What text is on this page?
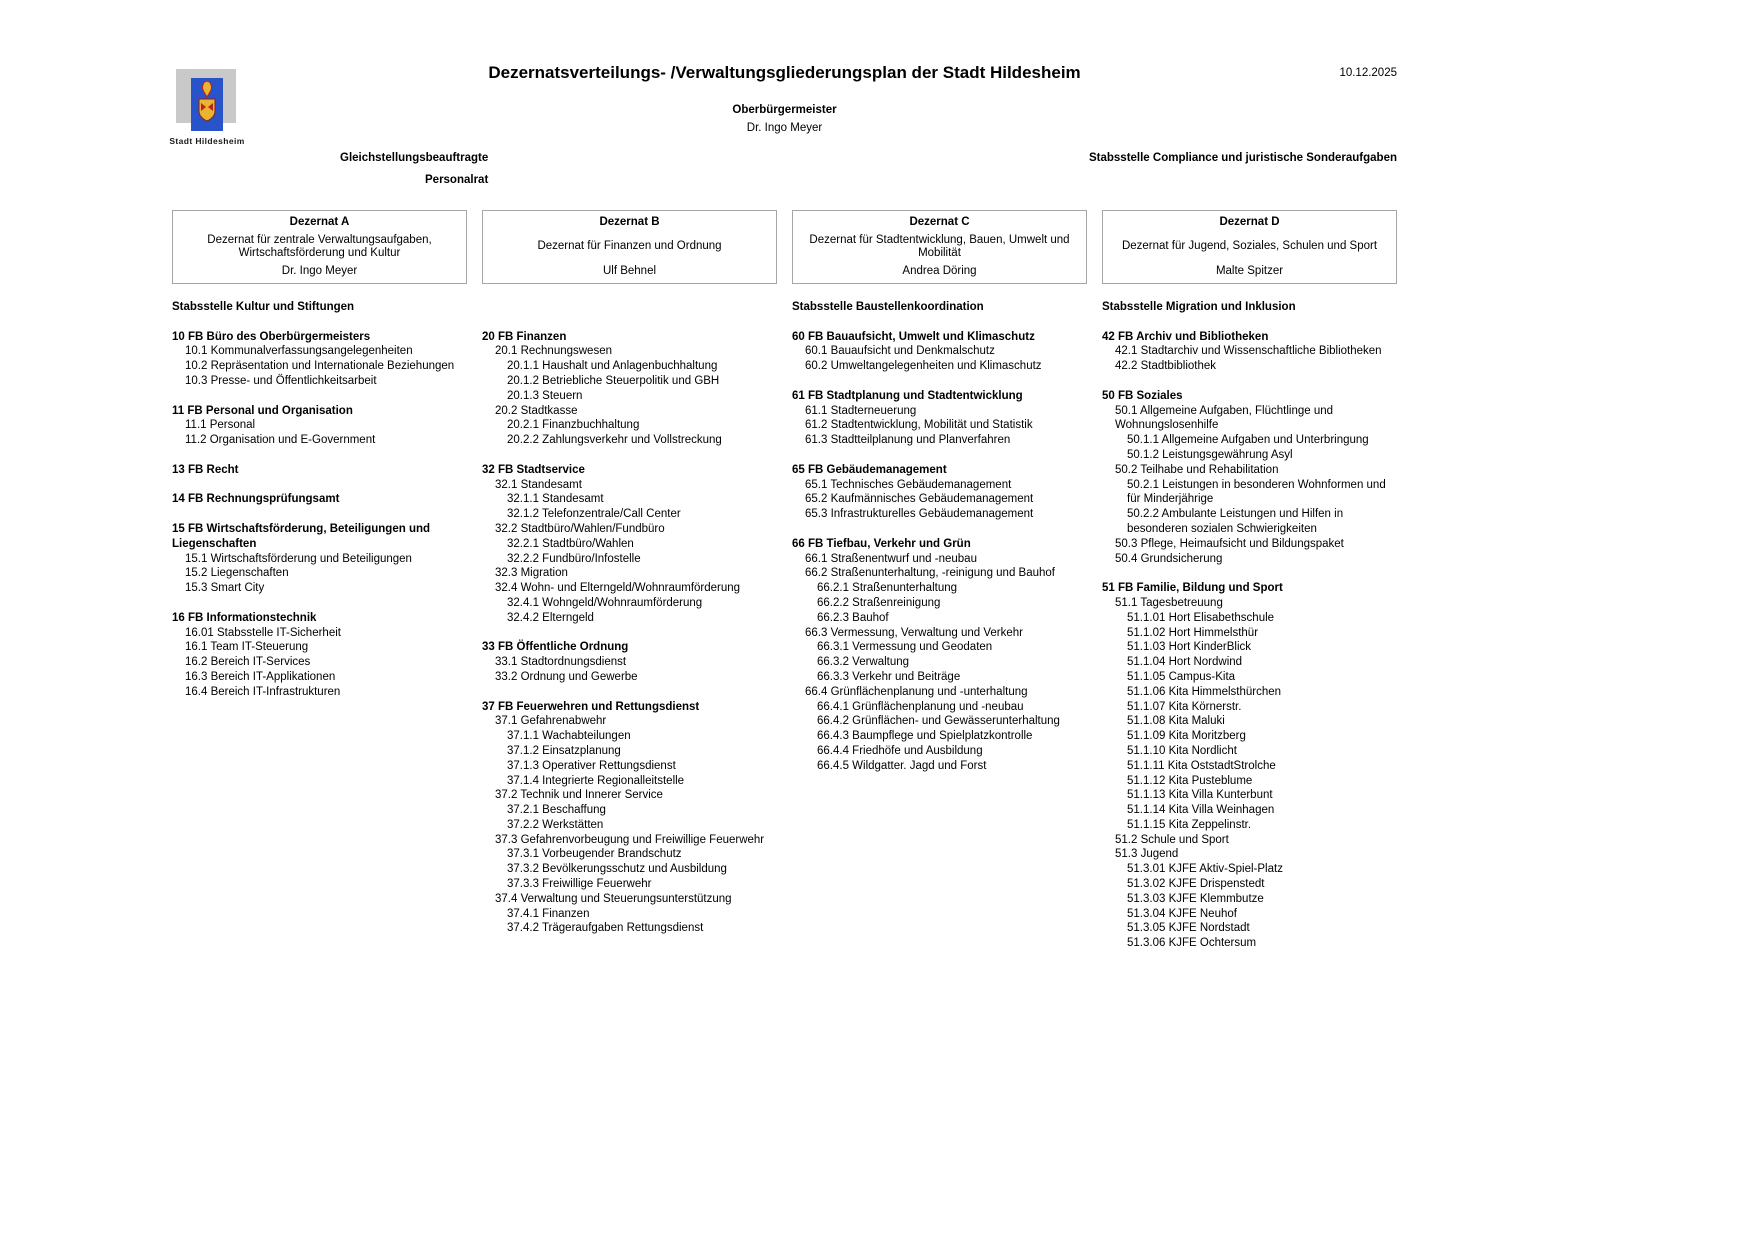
Stadt Hildesheim
Dezernatsverteilungs- /Verwaltungsgliederungsplan der Stadt Hildesheim	10.12.2025
Oberbürgermeister
Dr. Ingo Meyer
Gleichstellungsbeauftragte
Personalrat
Stabsstelle Compliance und juristische Sonderaufgaben
Dezernat A
Dezernat für zentrale Verwaltungsaufgaben, Wirtschaftsförderung und Kultur
Dr. Ingo Meyer
Stabsstelle Kultur und Stiftungen
10 FB Büro des Oberbürgermeisters
10.1 Kommunalverfassungsangelegenheiten
10.2 Repräsentation und Internationale Beziehungen
10.3 Presse- und Öffentlichkeitsarbeit
11 FB Personal und Organisation
11.1 Personal
11.2 Organisation und E-Government
13 FB Recht
14 FB Rechnungsprüfungsamt
15 FB Wirtschaftsförderung, Beteiligungen und Liegenschaften
15.1 Wirtschaftsförderung und Beteiligungen
15.2 Liegenschaften
15.3 Smart City
16 FB Informationstechnik
16.01 Stabsstelle IT-Sicherheit
16.1 Team IT-Steuerung
16.2 Bereich IT-Services
16.3 Bereich IT-Applikationen
16.4 Bereich IT-Infrastrukturen
Dezernat B
Dezernat für Finanzen und Ordnung
Ulf Behnel
20 FB Finanzen
20.1 Rechnungswesen
20.1.1 Haushalt und Anlagenbuchhaltung
20.1.2 Betriebliche Steuerpolitik und GBH
20.1.3 Steuern
20.2 Stadtkasse
20.2.1 Finanzbuchhaltung
20.2.2 Zahlungsverkehr und Vollstreckung
32 FB Stadtservice
32.1 Standesamt
32.1.1 Standesamt
32.1.2 Telefonzentrale/Call Center
32.2 Stadtbüro/Wahlen/Fundbüro
32.2.1 Stadtbüro/Wahlen
32.2.2 Fundbüro/Infostelle
32.3 Migration
32.4 Wohn- und Elterngeld/Wohnraumförderung
32.4.1 Wohngeld/Wohnraumförderung
32.4.2 Elterngeld
33 FB Öffentliche Ordnung
33.1 Stadtordnungsdienst
33.2 Ordnung und Gewerbe
37 FB Feuerwehren und Rettungsdienst
37.1 Gefahrenabwehr
37.1.1 Wachabteilungen
37.1.2 Einsatzplanung
37.1.3 Operativer Rettungsdienst
37.1.4 Integrierte Regionalleitstelle
37.2 Technik und Innerer Service
37.2.1 Beschaffung
37.2.2 Werkstätten
37.3 Gefahrenvorbeugung und Freiwillige Feuerwehr
37.3.1 Vorbeugender Brandschutz
37.3.2 Bevölkerungsschutz und Ausbildung
37.3.3 Freiwillige Feuerwehr
37.4 Verwaltung und Steuerungsunterstützung
37.4.1 Finanzen
37.4.2 Trägeraufgaben Rettungsdienst
Dezernat C
Dezernat für Stadtentwicklung, Bauen, Umwelt und Mobilität
Andrea Döring
Stabsstelle Baustellenkoordination
60 FB Bauaufsicht, Umwelt und Klimaschutz
60.1 Bauaufsicht und Denkmalschutz
60.2 Umweltangelegenheiten und Klimaschutz
61 FB Stadtplanung und Stadtentwicklung
61.1 Stadterneuerung
61.2 Stadtentwicklung, Mobilität und Statistik
61.3 Stadtteilplanung und Planverfahren
65 FB Gebäudemanagement
65.1 Technisches Gebäudemanagement
65.2 Kaufmännisches Gebäudemanagement
65.3 Infrastrukturelles Gebäudemanagement
66 FB Tiefbau, Verkehr und Grün
66.1 Straßenentwurf und -neubau
66.2 Straßenunterhaltung, -reinigung und Bauhof
66.2.1 Straßenunterhaltung
66.2.2 Straßenreinigung
66.2.3 Bauhof
66.3 Vermessung, Verwaltung und Verkehr
66.3.1 Vermessung und Geodaten
66.3.2 Verwaltung
66.3.3 Verkehr und Beiträge
66.4 Grünflächenplanung und -unterhaltung
66.4.1 Grünflächenplanung und -neubau
66.4.2 Grünflächen- und Gewässerunterhaltung
66.4.3 Baumpflege und Spielplatzkontrolle
66.4.4 Friedhöfe und Ausbildung
66.4.5 Wildgatter. Jagd und Forst
Dezernat D
Dezernat für Jugend, Soziales, Schulen und Sport
Malte Spitzer
Stabsstelle Migration und Inklusion
42 FB Archiv und Bibliotheken
42.1 Stadtarchiv und Wissenschaftliche Bibliotheken
42.2 Stadtbibliothek
50 FB Soziales
50.1 Allgemeine Aufgaben, Flüchtlinge und Wohnungslosenhilfe
50.1.1 Allgemeine Aufgaben und Unterbringung
50.1.2 Leistungsgewährung Asyl
50.2 Teilhabe und Rehabilitation
50.2.1 Leistungen in besonderen Wohnformen und für Minderjährige
50.2.2 Ambulante Leistungen und Hilfen in besonderen sozialen Schwierigkeiten
50.3 Pflege, Heimaufsicht und Bildungspaket
50.4 Grundsicherung
51 FB Familie, Bildung und Sport
51.1 Tagesbetreuung
51.1.01 Hort Elisabethschule
51.1.02 Hort Himmelsthür
51.1.03 Hort KinderBlick
51.1.04 Hort Nordwind
51.1.05 Campus-Kita
51.1.06 Kita Himmelsthürchen
51.1.07 Kita Körnerstr.
51.1.08 Kita Maluki
51.1.09 Kita Moritzberg
51.1.10 Kita Nordlicht
51.1.11 Kita OststadtStrolche
51.1.12 Kita Pusteblume
51.1.13 Kita Villa Kunterbunt
51.1.14 Kita Villa Weinhagen
51.1.15 Kita Zeppelinstr.
51.2 Schule und Sport
51.3 Jugend
51.3.01 KJFE Aktiv-Spiel-Platz
51.3.02 KJFE Drispenstedt
51.3.03 KJFE Klemmbutze
51.3.04 KJFE Neuhof
51.3.05 KJFE Nordstadt
51.3.06 KJFE Ochtersum
